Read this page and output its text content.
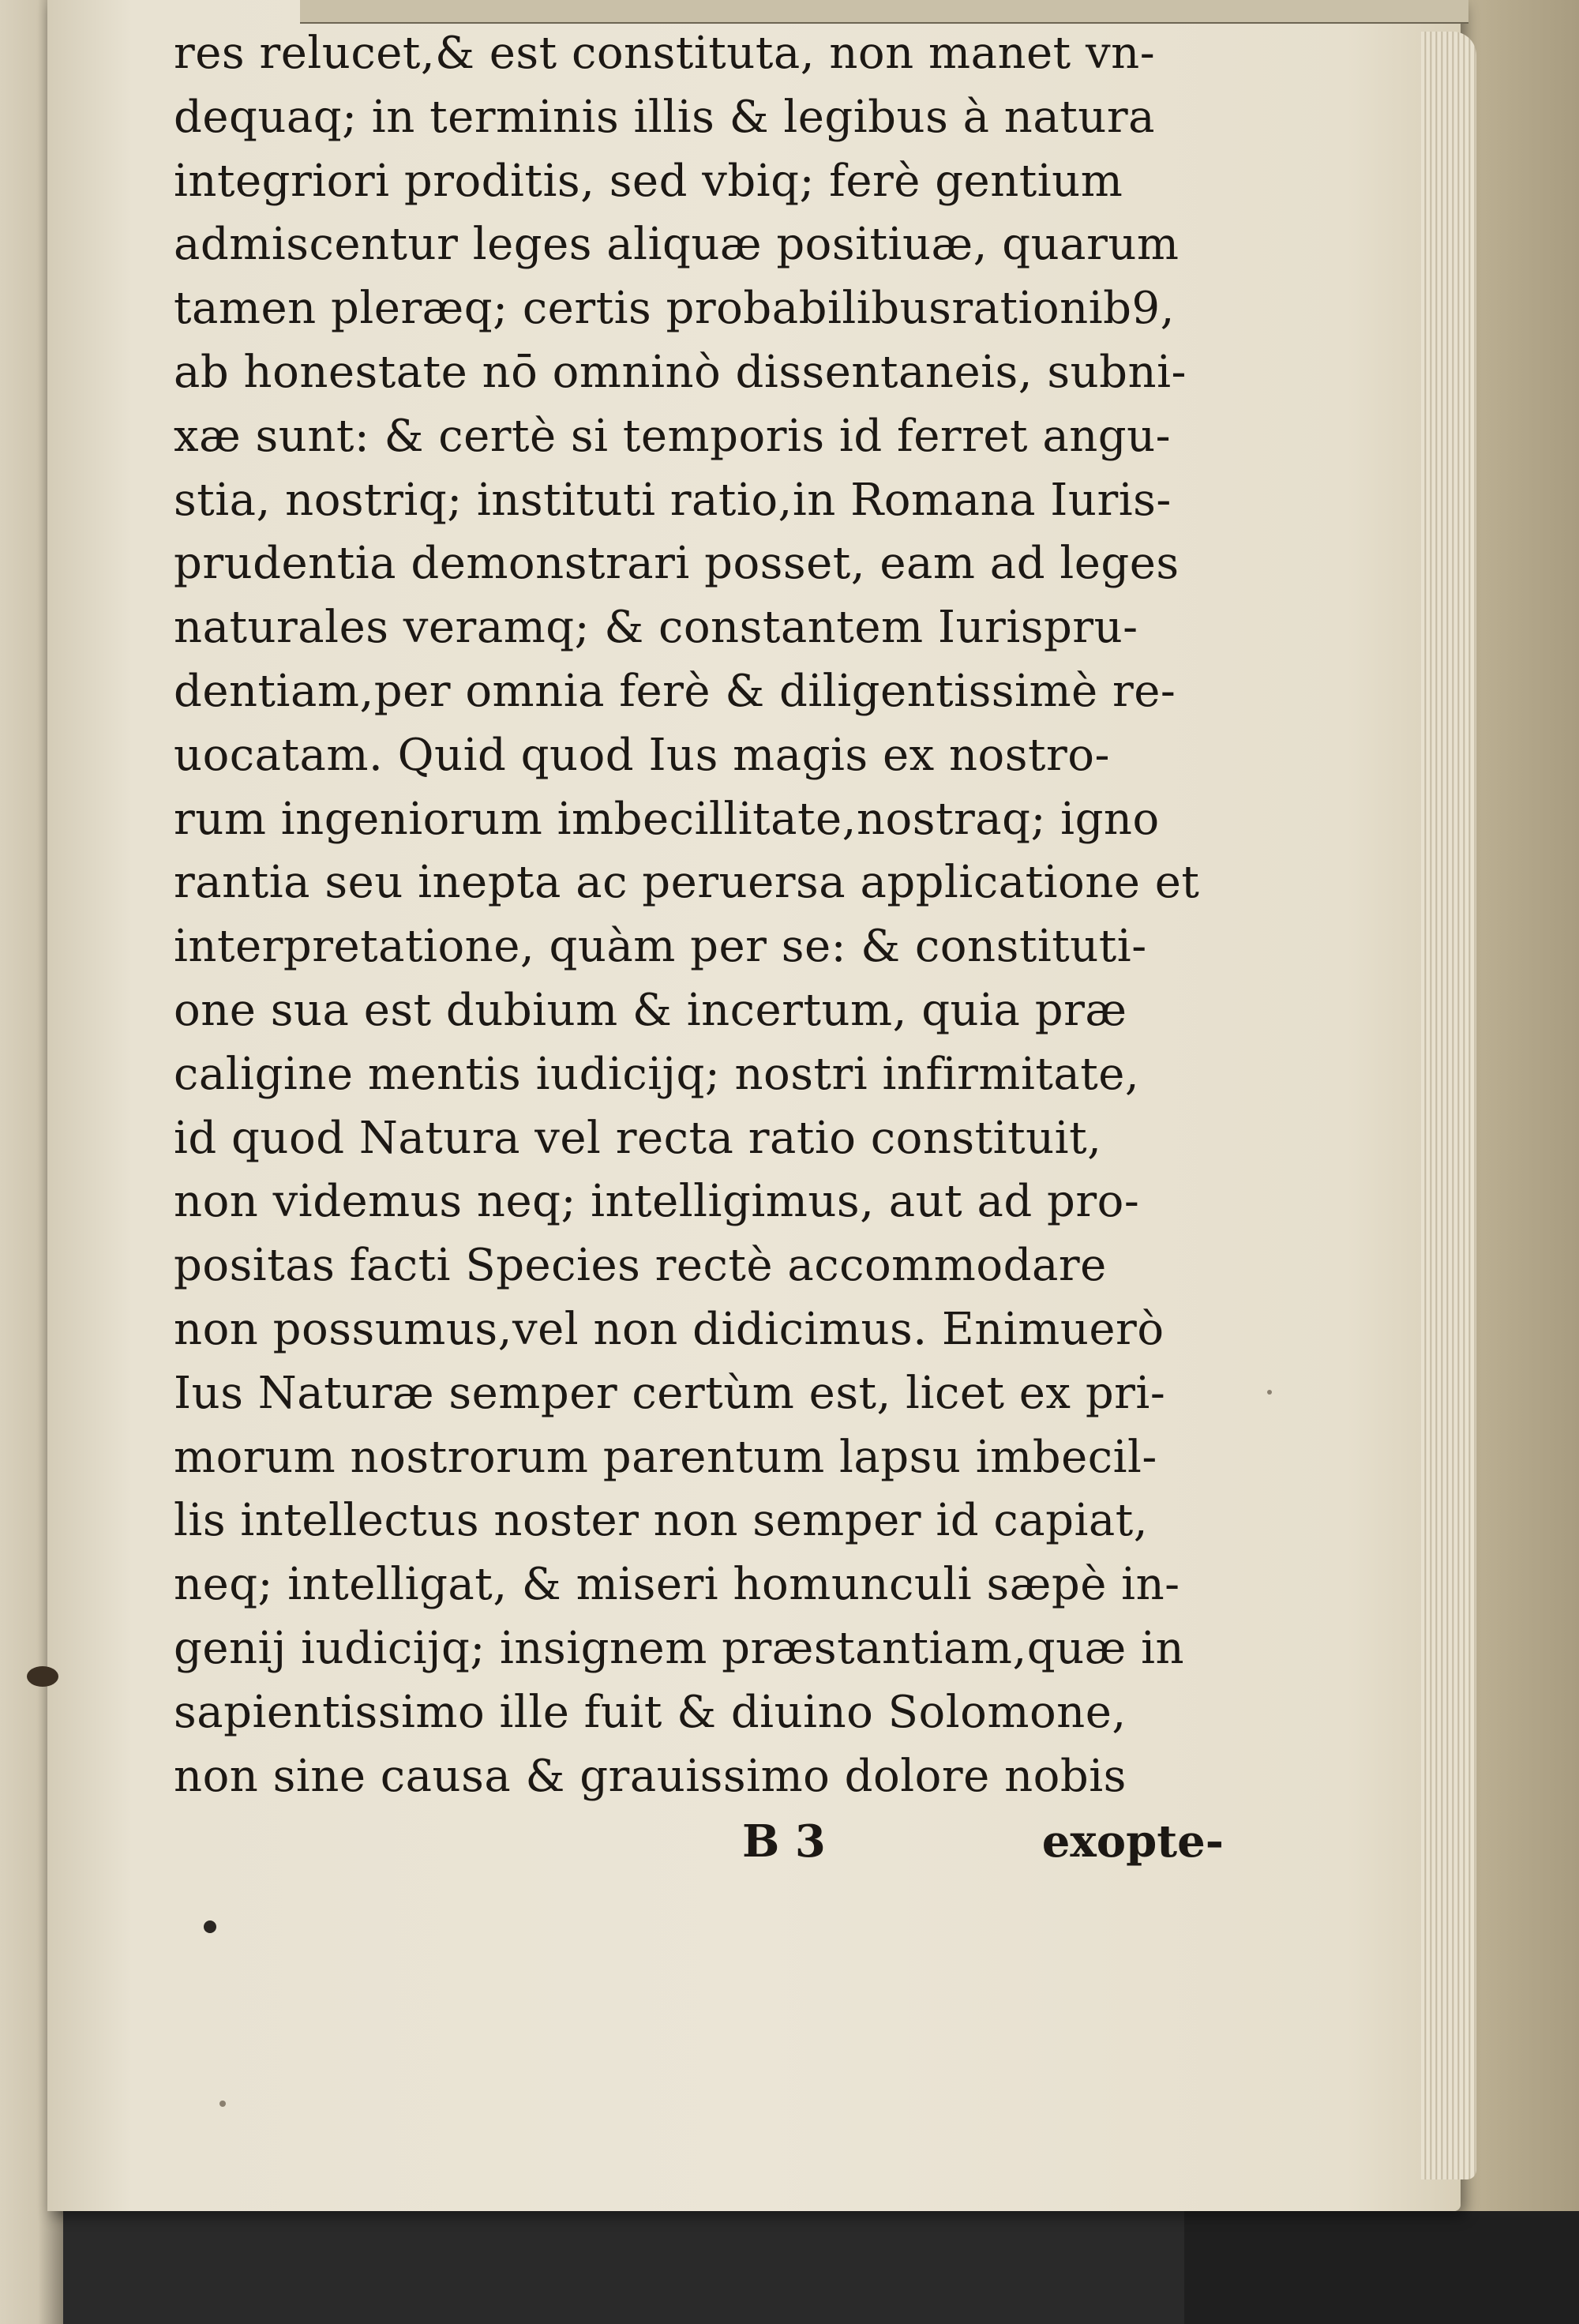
res relucet,& est constituta, non manet vn-
dequaq; in terminis illis & legibus à natura
integriori proditis, sed vbiq; ferè gentium
admiscentur leges aliquæ positiuæ, quarum
tamen pleræq; certis probabilibusrationib9,
ab honestate nō omninò dissentaneis, subni-
xæ sunt: & certè si temporis id ferret angu-
stia, nostriq; instituti ratio,in Romana Iuris-
prudentia demonstrari posset, eam ad leges
naturales veramq; & constantem Iurispru-
dentiam,per omnia ferè & diligentissimè re-
uocatam. Quid quod Ius magis ex nostro-
rum ingeniorum imbecillitate,nostraq; igno
rantia seu inepta ac peruersa applicatione et
interpretatione, quàm per se: & constituti-
one sua est dubium & incertum, quia præ
caligine mentis iudicijq; nostri infirmitate,
id quod Natura vel recta ratio constituit,
non videmus neq; intelligimus, aut ad pro-
positas facti Species rectè accommodare
non possumus,vel non didicimus. Enimuerò
Ius Naturæ semper certùm est, licet ex pri-
morum nostrorum parentum lapsu imbecil-
lis intellectus noster non semper id capiat,
neq; intelligat, & miseri homunculi sæpè in-
genij iudicijq; insignem præstantiam,quæ in
sapientissimo ille fuit & diuino Solomone,
non sine causa & grauissimo dolore nobis
B 3	exopte-
